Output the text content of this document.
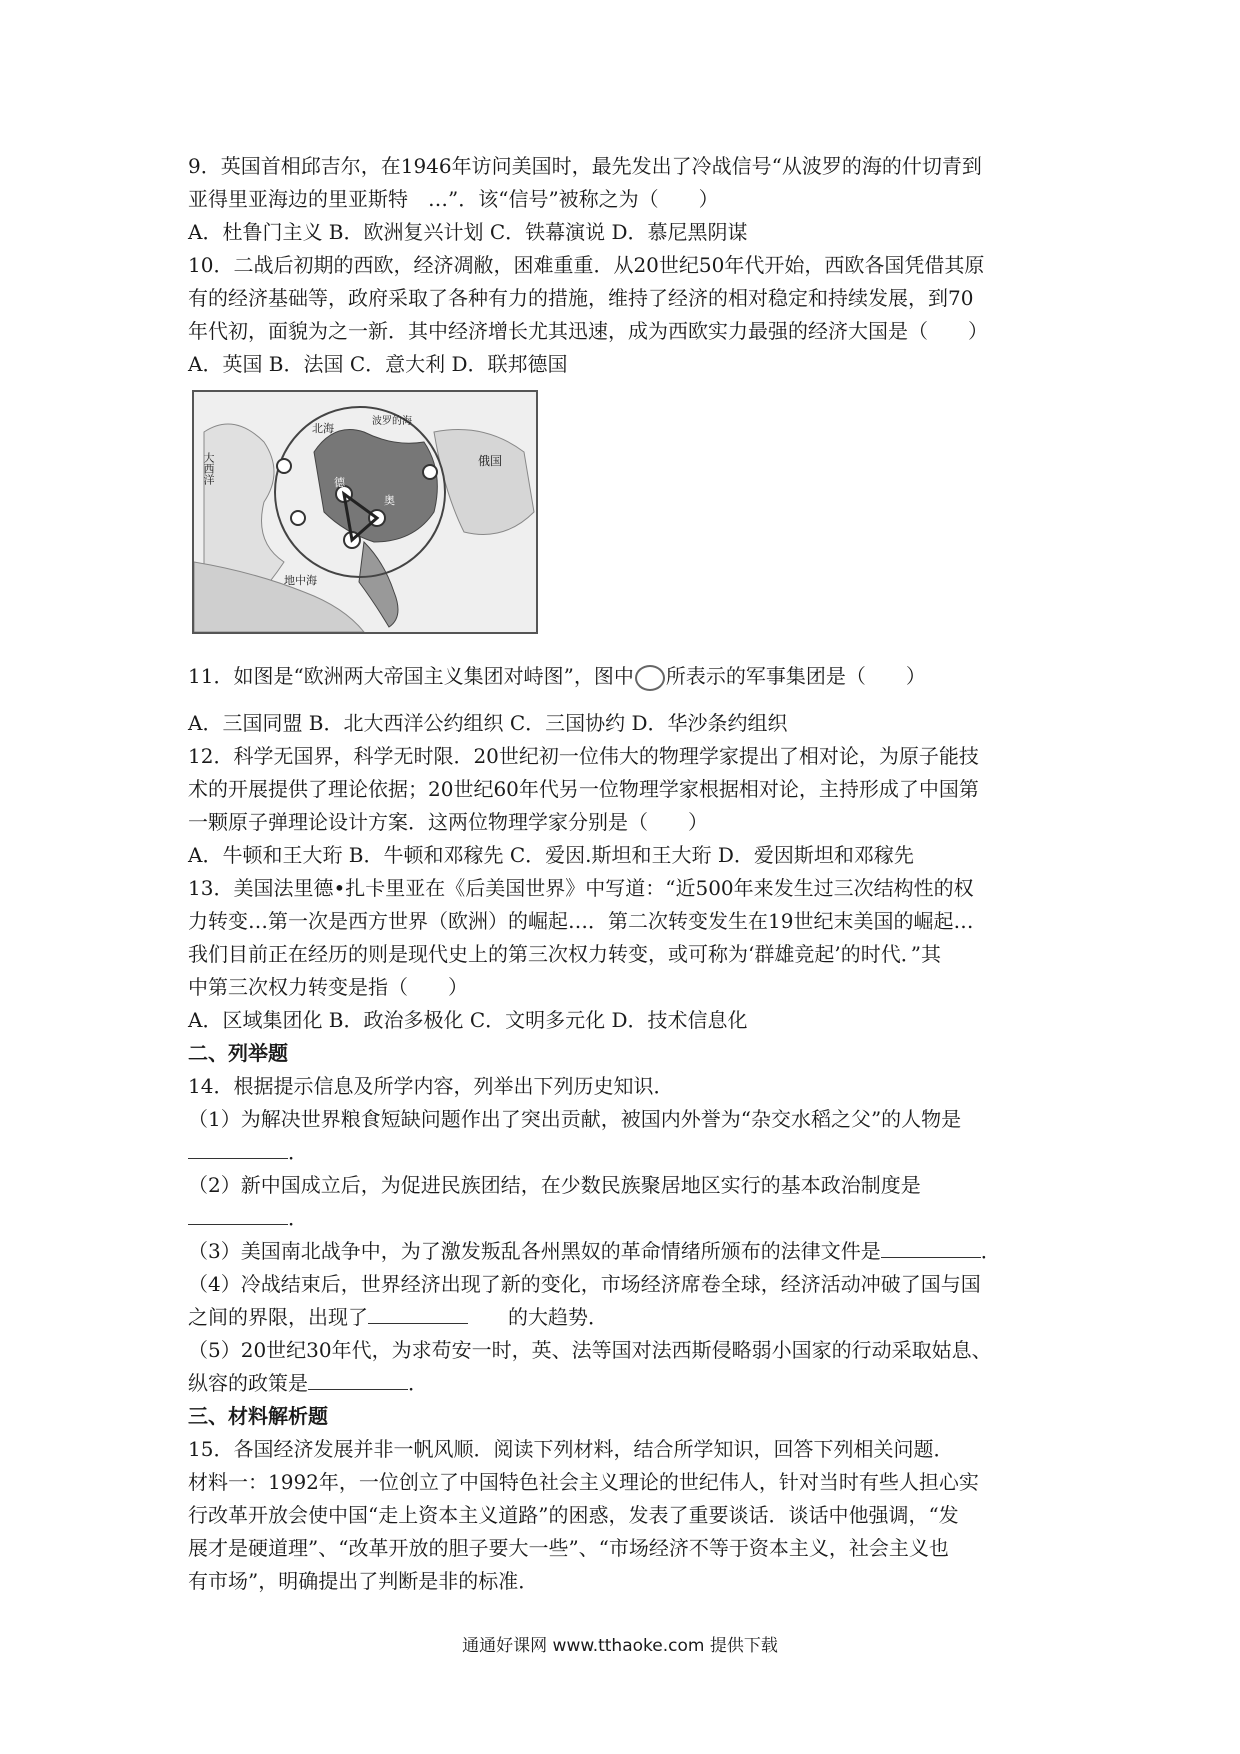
9．英国首相邱吉尔，在1946年访问美国时，最先发出了冷战信号“从波罗的海的什切青到
亚得里亚海边的里亚斯特　…”．该“信号”被称之为（　　）
A．杜鲁门主义 B．欧洲复兴计划 C．铁幕演说 D．慕尼黑阴谋
10．二战后初期的西欧，经济凋敝，困难重重．从20世纪50年代开始，西欧各国凭借其原
有的经济基础等，政府采取了各种有力的措施，维持了经济的相对稳定和持续发展，到70
年代初，面貌为之一新．其中经济增长尤其迅速，成为西欧实力最强的经济大国是（　　）
A．英国 B．法国 C．意大利 D．联邦德国
大西洋
北海
波罗的海
俄国
地中海
德
奥
11．如图是“欧洲两大帝国主义集团对峙图”，图中 所表示的军事集团是（　　）
A．三国同盟 B．北大西洋公约组织 C．三国协约 D．华沙条约组织
12．科学无国界，科学无时限．20世纪初一位伟大的物理学家提出了相对论，为原子能技
术的开展提供了理论依据；20世纪60年代另一位物理学家根据相对论，主持形成了中国第
一颗原子弹理论设计方案．这两位物理学家分别是（　　）
A．牛顿和王大珩 B．牛顿和邓稼先 C．爱因.斯坦和王大珩 D．爱因斯坦和邓稼先
13．美国法里德•扎卡里亚在《后美国世界》中写道：“近500年来发生过三次结构性的权
力转变…第一次是西方世界（欧洲）的崛起…．第二次转变发生在19世纪末美国的崛起…
我们目前正在经历的则是现代史上的第三次权力转变，或可称为‘群雄竞起’的时代．”其
中第三次权力转变是指（　　）
A．区域集团化 B．政治多极化 C．文明多元化 D．技术信息化
二、列举题
14．根据提示信息及所学内容，列举出下列历史知识．
（1）为解决世界粮食短缺问题作出了突出贡献，被国内外誉为“杂交水稻之父”的人物是
．
（2）新中国成立后，为促进民族团结，在少数民族聚居地区实行的基本政治制度是
．
（3）美国南北战争中，为了激发叛乱各州黑奴的革命情绪所颁布的法律文件是	．
（4）冷战结束后，世界经济出现了新的变化，市场经济席卷全球，经济活动冲破了国与国
之间的界限，出现了	的大趋势．
（5）20世纪30年代，为求苟安一时，英、法等国对法西斯侵略弱小国家的行动采取姑息、
纵容的政策是	．
三、材料解析题
15．各国经济发展并非一帆风顺．阅读下列材料，结合所学知识，回答下列相关问题．
材料一：1992年，一位创立了中国特色社会主义理论的世纪伟人，针对当时有些人担心实
行改革开放会使中国“走上资本主义道路”的困惑，发表了重要谈话．谈话中他强调，“发
展才是硬道理”、“改革开放的胆子要大一些”、“市场经济不等于资本主义，社会主义也
有市场”，明确提出了判断是非的标准．
通通好课网 www.tthaoke.com 提供下载
